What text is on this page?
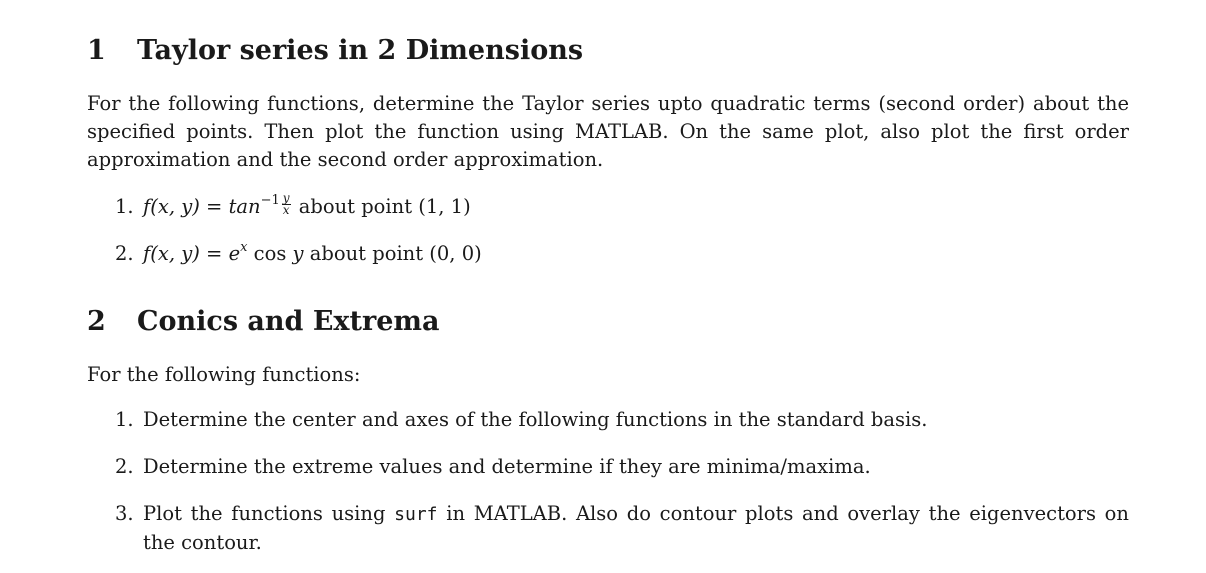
1 Taylor series in 2 Dimensions
For the following functions, determine the Taylor series upto quadratic terms (second order) about the specified points. Then plot the function using MATLAB. On the same plot, also plot the first order approximation and the second order approximation.
1. f(x, $y) = \tan^{-1} \frac{y}{x}$ about point (1, 1)
2. f(x, $y) = e^x$ cos y about point (0, 0)
2 Conics and Extrema
For the following functions:
1. Determine the center and axes of the following functions in the standard basis.
2. Determine the extreme values and determine if they are minima/maxima.
3. Plot the functions using surf in MATLAB. Also do contour plots and overlay the eigenvectors on the contour.
